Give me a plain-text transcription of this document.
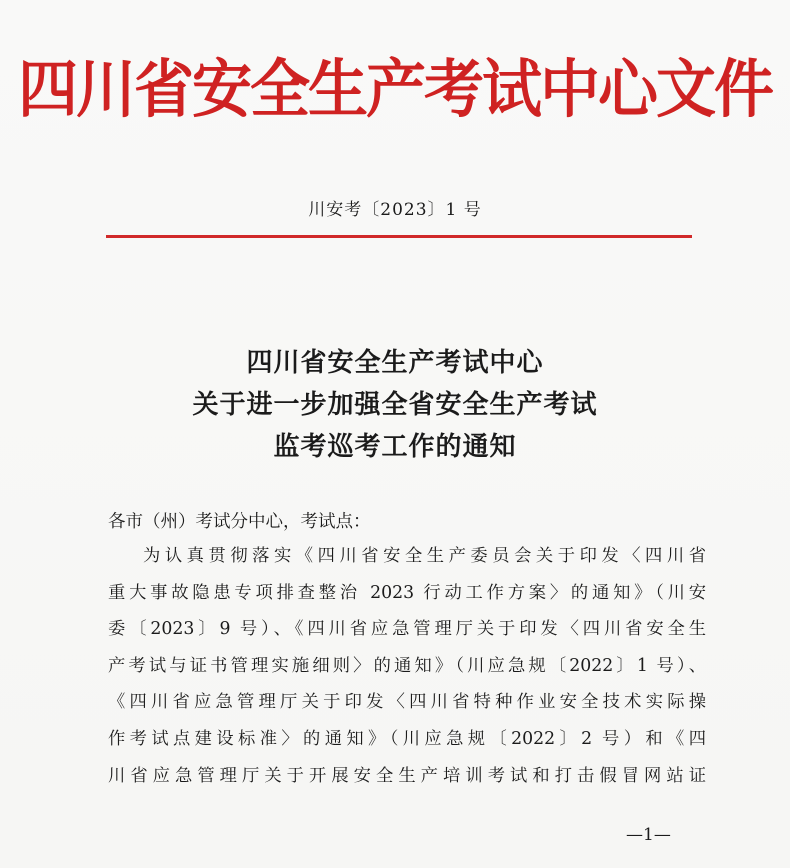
四川省安全生产考试中心文件
川安考〔2023〕1 号
四川省安全生产考试中心
关于进一步加强全省安全生产考试
监考巡考工作的通知
各市（州）考试分中心，考试点：
为认真贯彻落实《四川省安全生产委员会关于印发〈四川省
重大事故隐患专项排查整治 2023 行动工作方案〉的通知》（川安
委〔2023〕9 号）、《四川省应急管理厅关于印发〈四川省安全生
产考试与证书管理实施细则〉的通知》（川应急规〔2022〕1 号）、
《四川省应急管理厅关于印发〈四川省特种作业安全技术实际操
作考试点建设标准〉的通知》（川应急规〔2022〕2 号）和《四
川省应急管理厅关于开展安全生产培训考试和打击假冒网站证
—1—
